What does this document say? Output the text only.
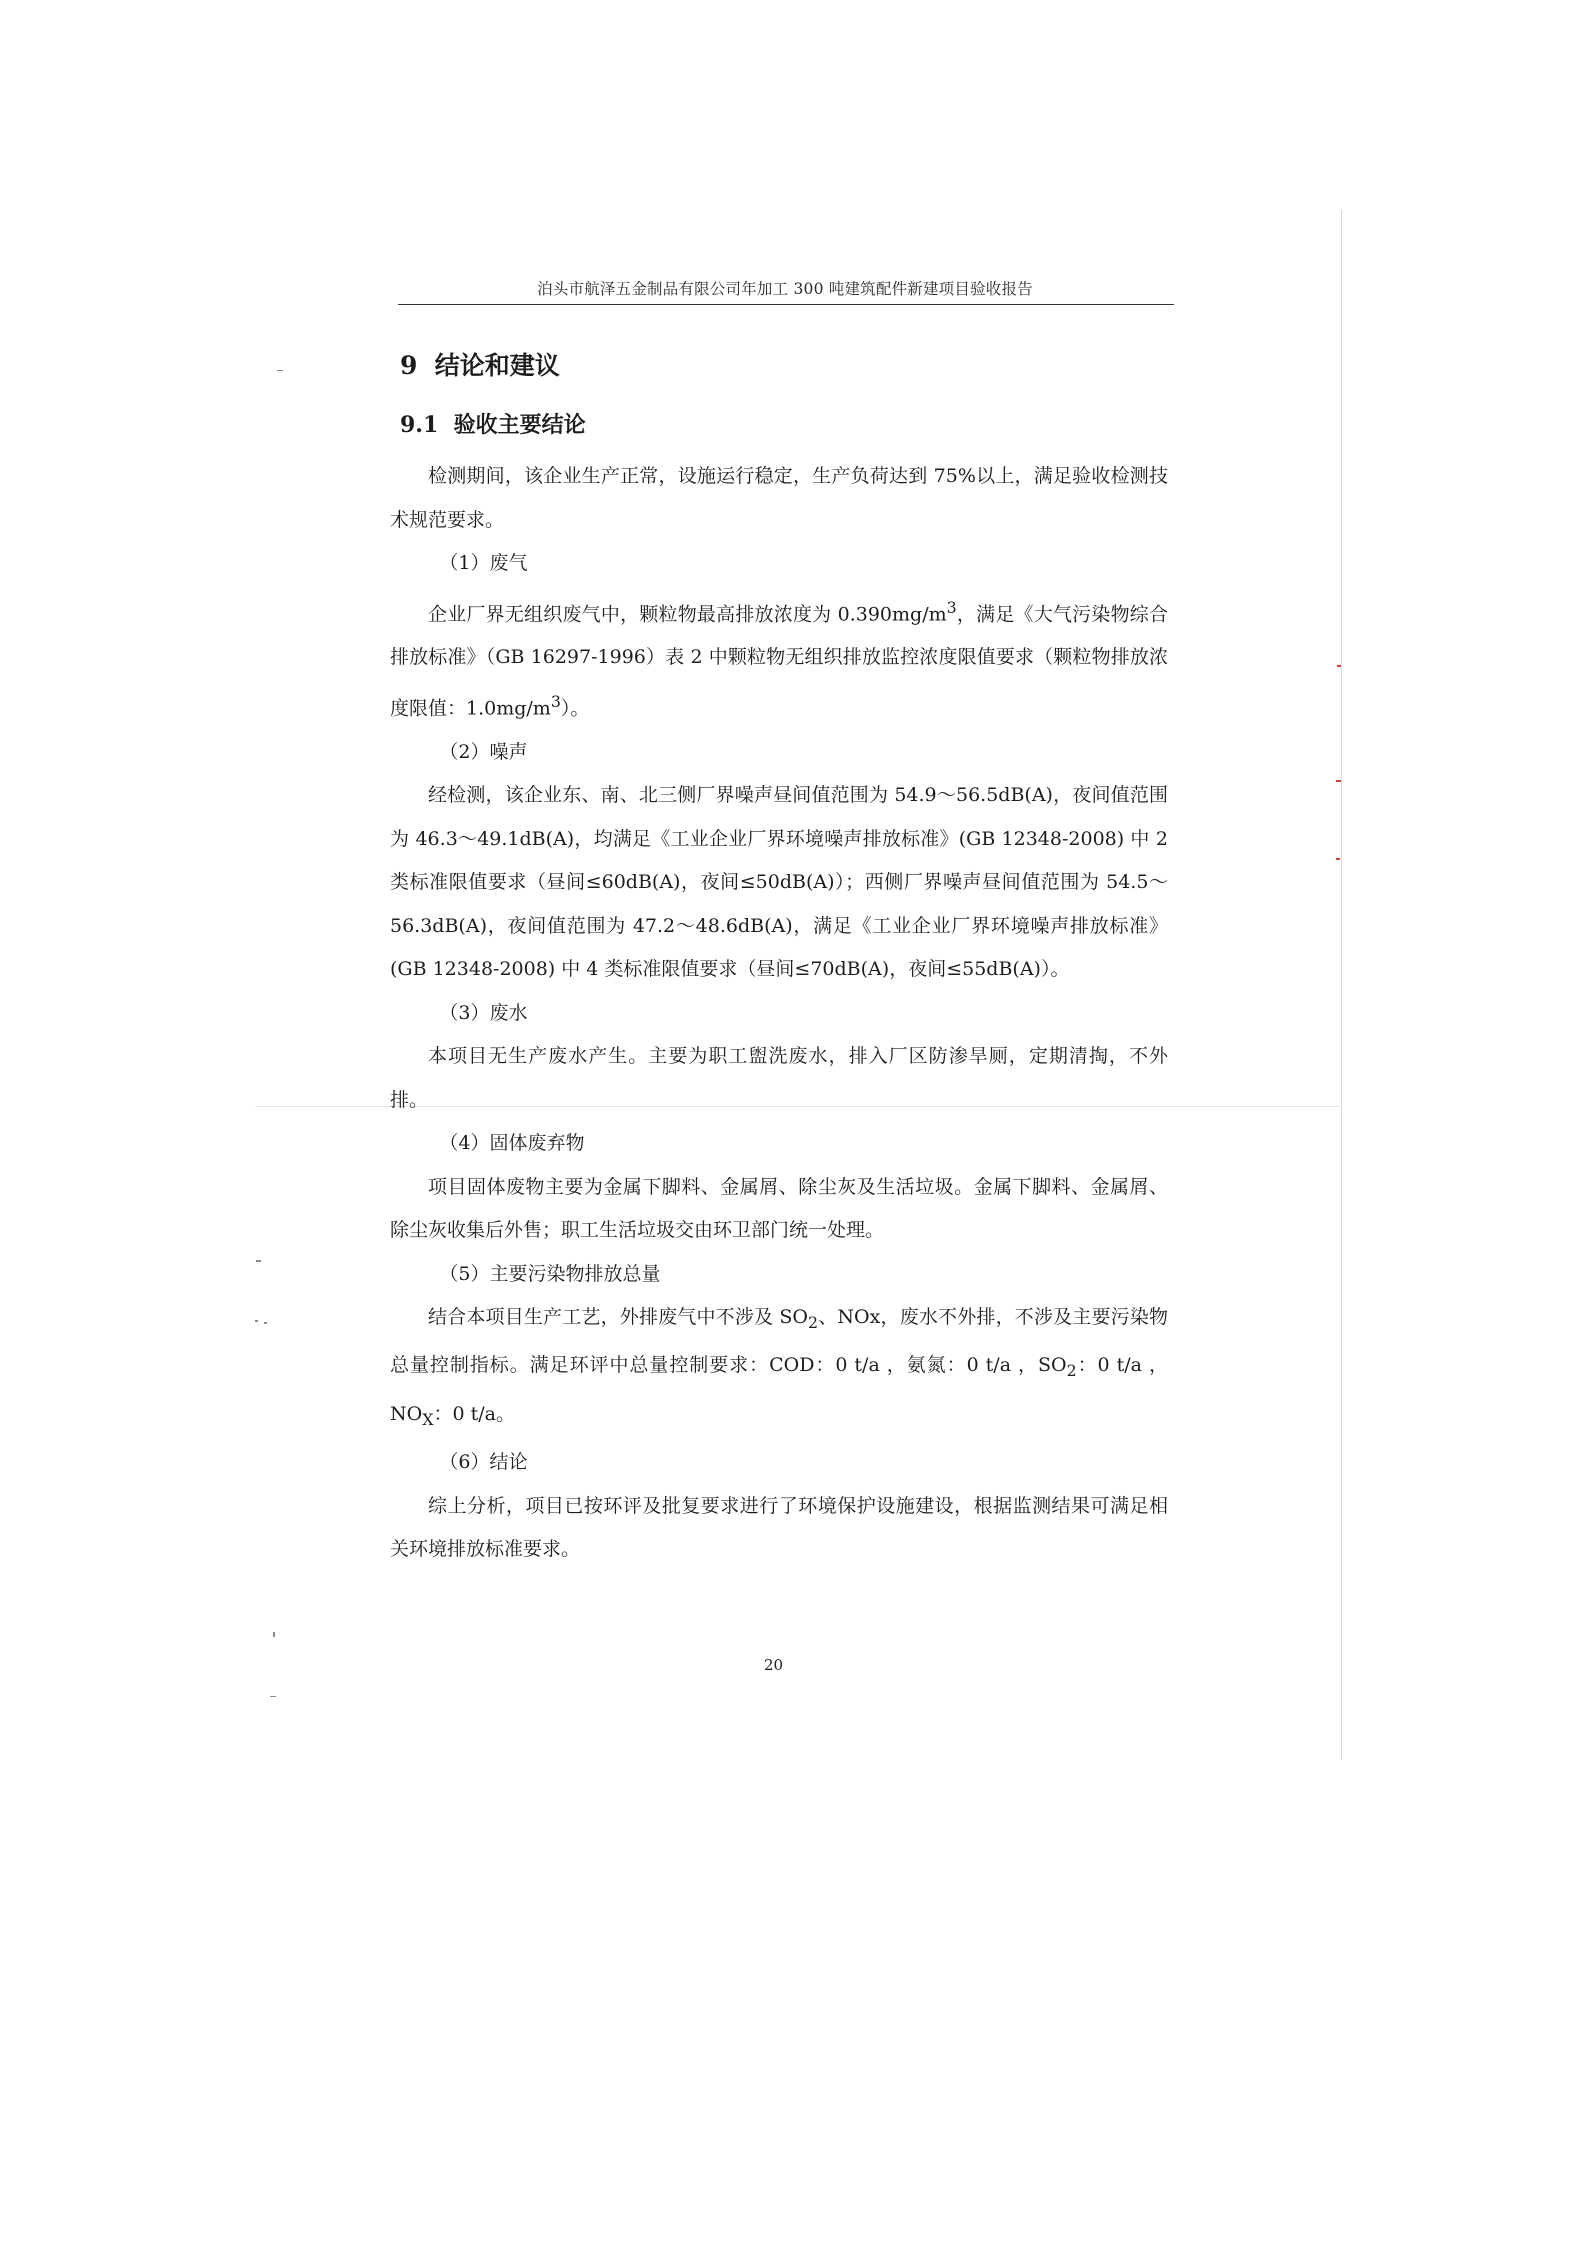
泊头市航泽五金制品有限公司年加工 300 吨建筑配件新建项目验收报告
9  结论和建议
9.1  验收主要结论

检测期间，该企业生产正常，设施运行稳定，生产负荷达到 75%以上，满足验收检测技术规范要求。

（1）废气

企业厂界无组织废气中，颗粒物最高排放浓度为 $0.390mg/m^3$，满足《大气污染物综合排放标准》（GB 16297-1996）表 2 中颗粒物无组织排放监控浓度限值要求（颗粒物排放浓度限值：$1.0mg/m^3$）。

（2）噪声

经检测，该企业东、南、北三侧厂界噪声昼间值范围为 54.9～56.5dB(A)，夜间值范围为 46.3～49.1dB(A)，均满足《工业企业厂界环境噪声排放标准》(GB 12348-2008) 中 2 类标准限值要求（昼间≤60dB(A)，夜间≤50dB(A)）；西侧厂界噪声昼间值范围为 54.5～56.3dB(A)，夜间值范围为 47.2～48.6dB(A)，满足《工业企业厂界环境噪声排放标准》(GB 12348-2008) 中 4 类标准限值要求（昼间≤70dB(A)，夜间≤55dB(A)）。

（3）废水

本项目无生产废水产生。主要为职工盥洗废水，排入厂区防渗旱厕，定期清掏，不外排。

（4）固体废弃物

项目固体废物主要为金属下脚料、金属屑、除尘灰及生活垃圾。金属下脚料、金属屑、除尘灰收集后外售；职工生活垃圾交由环卫部门统一处理。

（5）主要污染物排放总量

结合本项目生产工艺，外排废气中不涉及 $SO_2$、NOx，废水不外排，不涉及主要污染物总量控制指标。满足环评中总量控制要求：COD：0 t/a ，氨氮：0 t/a ，$SO_2$：0 t/a ，$NO_X$：0 t/a。

（6）结论

综上分析，项目已按环评及批复要求进行了环境保护设施建设，根据监测结果可满足相关环境排放标准要求。

20
